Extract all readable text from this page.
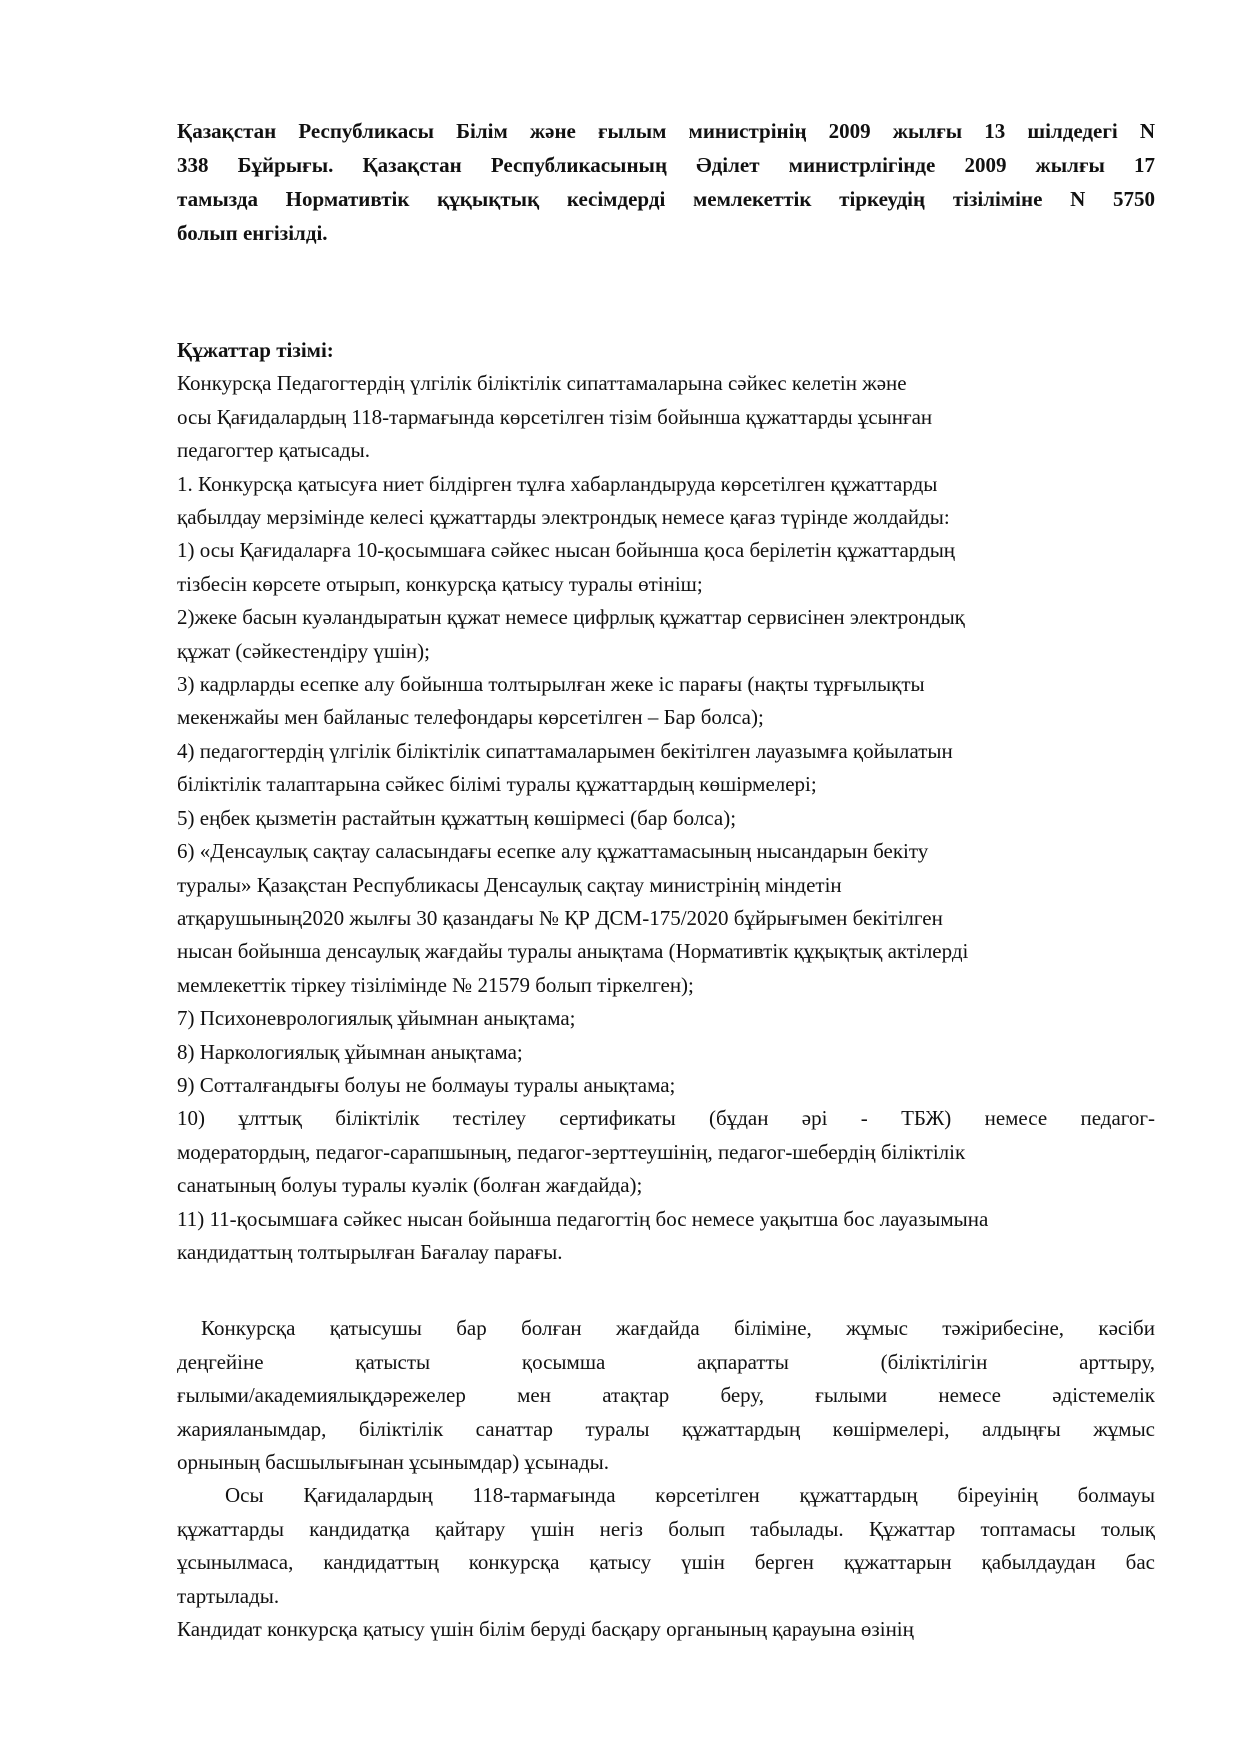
Қазақстан Республикасы Білім және ғылым министрінің 2009 жылғы 13 шілдедегі N
338 Бұйрығы. Қазақстан Республикасының Әділет министрлігінде 2009 жылғы 17
тамызда Нормативтік құқықтық кесімдерді мемлекеттік тіркеудің тізіліміне N 5750
болып енгізілді.
Құжаттар тізімі:
Конкурсқа Педагогтердің үлгілік біліктілік сипаттамаларына сәйкес келетін және
осы Қағидалардың 118-тармағында көрсетілген тізім бойынша құжаттарды ұсынған
педагогтер қатысады.
1. Конкурсқа қатысуға ниет білдірген тұлға хабарландыруда көрсетілген құжаттарды
қабылдау мерзімінде келесі құжаттарды электрондық немесе қағаз түрінде жолдайды:
1) осы Қағидаларға 10-қосымшаға сәйкес нысан бойынша қоса берілетін құжаттардың
тізбесін көрсете отырып, конкурсқа қатысу туралы өтініш;
2)жеке басын куәландыратын құжат немесе цифрлық құжаттар сервисінен электрондық
құжат (сәйкестендіру үшін);
3) кадрларды есепке алу бойынша толтырылған жеке іс парағы (нақты тұрғылықты
мекенжайы мен байланыс телефондары көрсетілген – Бар болса);
4) педагогтердің үлгілік біліктілік сипаттамаларымен бекітілген лауазымға қойылатын
біліктілік талаптарына сәйкес білімі туралы құжаттардың көшірмелері;
5) еңбек қызметін растайтын құжаттың көшірмесі (бар болса);
6) «Денсаулық сақтау саласындағы есепке алу құжаттамасының нысандарын бекіту
туралы» Қазақстан Республикасы Денсаулық сақтау министрінің міндетін
атқарушының2020 жылғы 30 қазандағы № ҚР ДСМ-175/2020 бұйрығымен бекітілген
нысан бойынша денсаулық жағдайы туралы анықтама (Нормативтік құқықтық актілерді
мемлекеттік тіркеу тізілімінде № 21579 болып тіркелген);
7) Психоневрологиялық ұйымнан анықтама;
8) Наркологиялық ұйымнан анықтама;
9) Сотталғандығы болуы не болмауы туралы анықтама;
10) ұлттық біліктілік тестілеу сертификаты (бұдан әрі - ТБЖ) немесе педагог-
модератордың, педагог-сарапшының, педагог-зерттеушінің, педагог-шебердің біліктілік
санатының болуы туралы куәлік (болған жағдайда);
11) 11-қосымшаға сәйкес нысан бойынша педагогтің бос немесе уақытша бос лауазымына
кандидаттың толтырылған Бағалау парағы.
Конкурсқа қатысушы бар болған жағдайда біліміне, жұмыс тәжірибесіне, кәсіби
деңгейіне қатысты қосымша ақпаратты (біліктілігін арттыру,
ғылыми/академиялықдәрежелер мен атақтар беру, ғылыми немесе әдістемелік
жарияланымдар, біліктілік санаттар туралы құжаттардың көшірмелері, алдыңғы жұмыс
орнының басшылығынан ұсынымдар) ұсынады.
Осы Қағидалардың 118-тармағында көрсетілген құжаттардың біреуінің болмауы
құжаттарды кандидатқа қайтару үшін негіз болып табылады. Құжаттар топтамасы толық
ұсынылмаса, кандидаттың конкурсқа қатысу үшін берген құжаттарын қабылдаудан бас
тартылады.
Кандидат конкурсқа қатысу үшін білім беруді басқару органының қарауына өзінің
